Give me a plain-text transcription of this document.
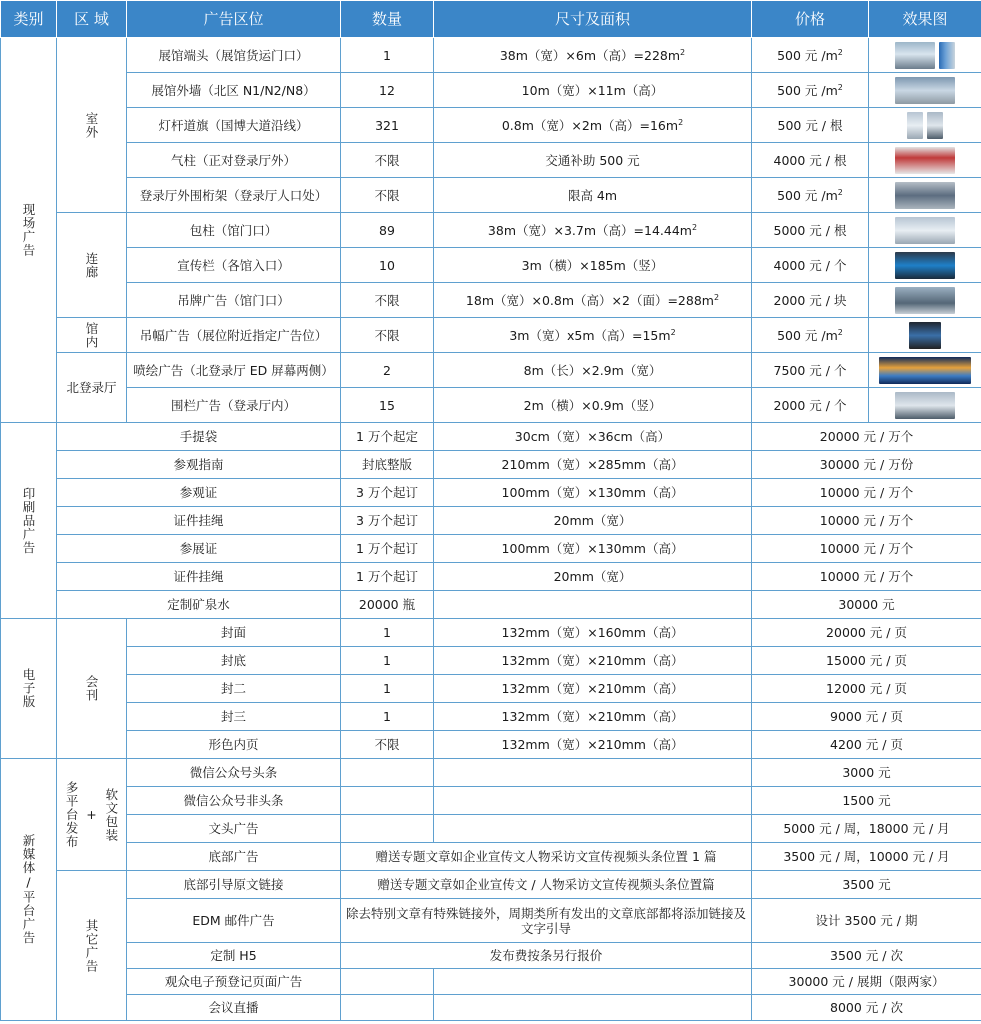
类别	区 域	广告区位	数量	尺寸及面积	价格	效果图

现场广告	室外	展馆端头（展馆货运门口）	1	38m（宽）×6m（高）$=228m^2$	500 元 $/m^2$	

		展馆外墙（北区 N1/N2/N8）	12	10m（宽）×11m（高）	500 元 $/m^2$	

		灯杆道旗（国博大道沿线）	321	0.8m（宽）×2m（高）$=16m^2$	500 元 / 根	

		气柱（正对登录厅外）	不限	交通补助 500 元	4000 元 / 根	

		登录厅外围桁架（登录厅人口处）	不限	限高 4m	500 元 $/m^2$	

	连廊	包柱（馆门口）	89	38m（宽）×3.7m（高）$=14.44m^2$	5000 元 / 根	

		宣传栏（各馆入口）	10	3m（横）×185m（竖）	4000 元 / 个	

		吊牌广告（馆门口）	不限	18m（宽）×0.8m（高）×2（面）$=288m^2$	2000 元 / 块	

	馆内	吊幅广告（展位附近指定广告位）	不限	3m（宽）x5m（高）$=15m^2$	500 元 $/m^2$	

	北登录厅	喷绘广告（北登录厅 ED 屏幕两侧）	2	8m（长）×2.9m（宽）	7500 元 / 个	

		围栏广告（登录厅内）	15	2m（横）×0.9m（竖）	2000 元 / 个	

印刷品广告	手提袋		1 万个起定	30cm（宽）×36cm（高）	20000 元 / 万个	
	参观指南		封底整版	210mm（宽）×285mm（高）	30000 元 / 万份	
	参观证		3 万个起订	100mm（宽）×130mm（高）	10000 元 / 万个	
	证件挂绳		3 万个起订	20mm（宽）	10000 元 / 万个	
	参展证		1 万个起订	100mm（宽）×130mm（高）	10000 元 / 万个	
	证件挂绳		1 万个起订	20mm（宽）	10000 元 / 万个	
	定制矿泉水		20000 瓶		30000 元	

电子版	会刊	封面	1	132mm（宽）×160mm（高）	20000 元 / 页	
		封底	1	132mm（宽）×210mm（高）	15000 元 / 页	
		封二	1	132mm（宽）×210mm（高）	12000 元 / 页	
		封三	1	132mm（宽）×210mm（高）	9000 元 / 页	
		形色内页	不限	132mm（宽）×210mm（高）	4200 元 / 页	

新媒体/平台广告	多平台发布 + 软文包装	微信公众号头条			3000 元	
		微信公众号非头条			1500 元	
		文头广告			5000 元 / 周，18000 元 / 月	
		底部广告	赠送专题文章如企业宣传文人物采访文宣传视频头条位置 1 篇		3500 元 / 周，10000 元 / 月	

	其它广告	底部引导原文链接	赠送专题文章如企业宣传文 / 人物采访文宣传视频头条位置篇		3500 元	
		EDM 邮件广告	除去特别文章有特殊链接外，周期类所有发出的文章底部都将添加链接及文字引导		设计 3500 元 / 期	
		定制 H5	发布费按条另行报价		3500 元 / 次	
		观众电子预登记页面广告			30000 元 / 展期（限两家）	
		会议直播			8000 元 / 次	
